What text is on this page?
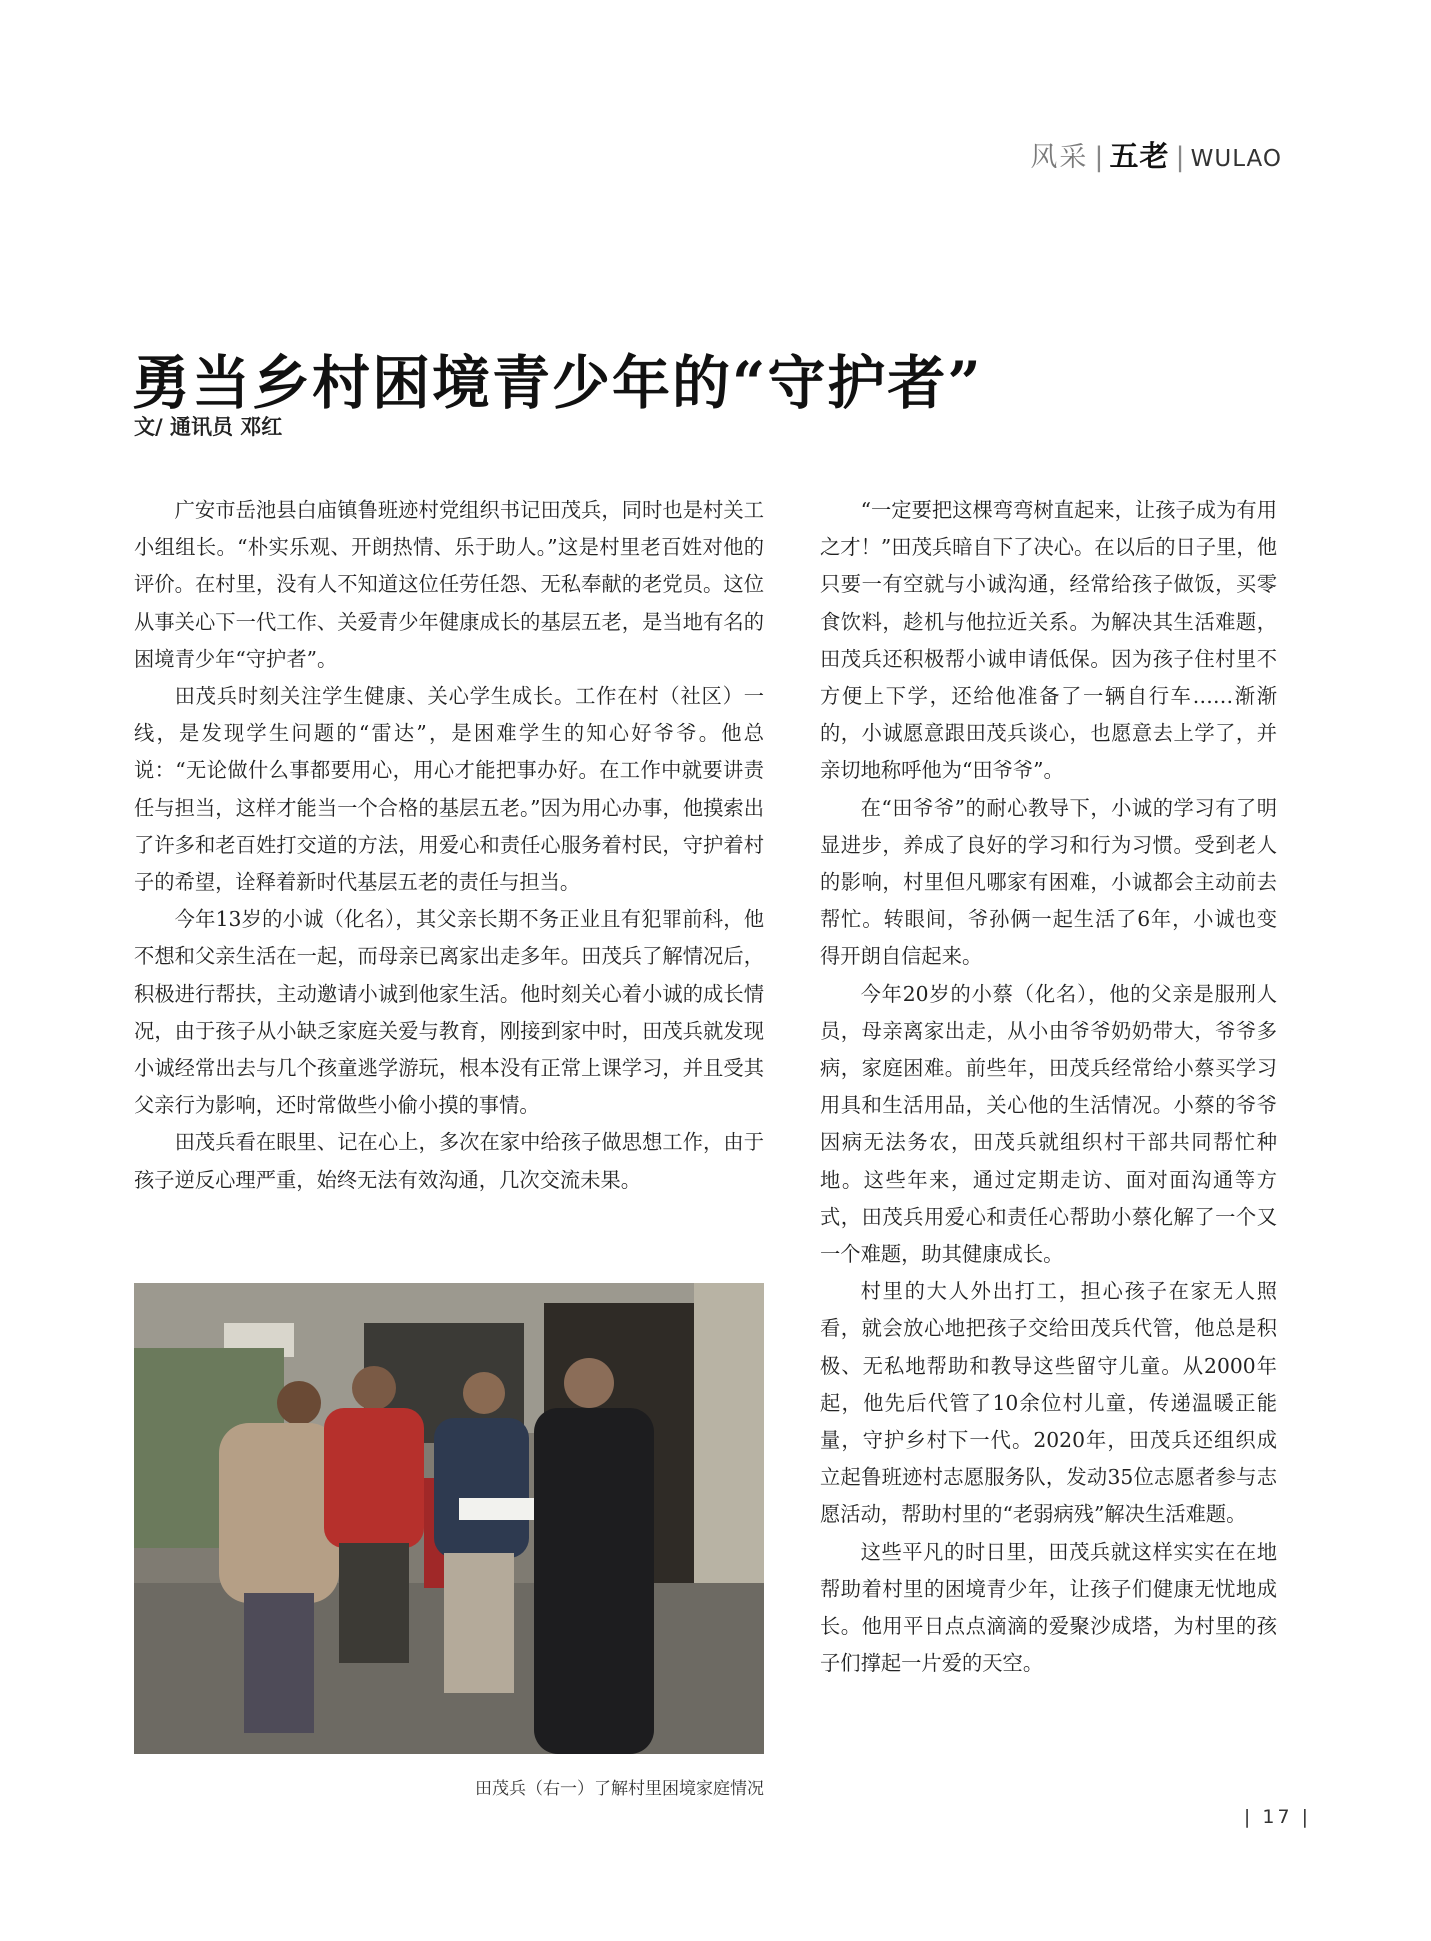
风采 | 五老 | WULAO
勇当乡村困境青少年的“守护者”
文/ 通讯员 邓红

广安市岳池县白庙镇鲁班迹村党组织书记田茂兵，同时也是村关工小组组长。“朴实乐观、开朗热情、乐于助人。”这是村里老百姓对他的评价。在村里，没有人不知道这位任劳任怨、无私奉献的老党员。这位从事关心下一代工作、关爱青少年健康成长的基层五老，是当地有名的困境青少年“守护者”。

田茂兵时刻关注学生健康、关心学生成长。工作在村（社区）一线，是发现学生问题的“雷达”，是困难学生的知心好爷爷。他总说：“无论做什么事都要用心，用心才能把事办好。在工作中就要讲责任与担当，这样才能当一个合格的基层五老。”因为用心办事，他摸索出了许多和老百姓打交道的方法，用爱心和责任心服务着村民，守护着村子的希望，诠释着新时代基层五老的责任与担当。

今年13岁的小诚（化名），其父亲长期不务正业且有犯罪前科，他不想和父亲生活在一起，而母亲已离家出走多年。田茂兵了解情况后，积极进行帮扶，主动邀请小诚到他家生活。他时刻关心着小诚的成长情况，由于孩子从小缺乏家庭关爱与教育，刚接到家中时，田茂兵就发现小诚经常出去与几个孩童逃学游玩，根本没有正常上课学习，并且受其父亲行为影响，还时常做些小偷小摸的事情。

田茂兵看在眼里、记在心上，多次在家中给孩子做思想工作，由于孩子逆反心理严重，始终无法有效沟通，几次交流未果。

田茂兵（右一）了解村里困境家庭情况

“一定要把这棵弯弯树直起来，让孩子成为有用之才！”田茂兵暗自下了决心。在以后的日子里，他只要一有空就与小诚沟通，经常给孩子做饭，买零食饮料，趁机与他拉近关系。为解决其生活难题，田茂兵还积极帮小诚申请低保。因为孩子住村里不方便上下学，还给他准备了一辆自行车……渐渐的，小诚愿意跟田茂兵谈心，也愿意去上学了，并亲切地称呼他为“田爷爷”。

在“田爷爷”的耐心教导下，小诚的学习有了明显进步，养成了良好的学习和行为习惯。受到老人的影响，村里但凡哪家有困难，小诚都会主动前去帮忙。转眼间，爷孙俩一起生活了6年，小诚也变得开朗自信起来。

今年20岁的小蔡（化名），他的父亲是服刑人员，母亲离家出走，从小由爷爷奶奶带大，爷爷多病，家庭困难。前些年，田茂兵经常给小蔡买学习用具和生活用品，关心他的生活情况。小蔡的爷爷因病无法务农，田茂兵就组织村干部共同帮忙种地。这些年来，通过定期走访、面对面沟通等方式，田茂兵用爱心和责任心帮助小蔡化解了一个又一个难题，助其健康成长。

村里的大人外出打工，担心孩子在家无人照看，就会放心地把孩子交给田茂兵代管，他总是积极、无私地帮助和教导这些留守儿童。从2000年起，他先后代管了10余位村儿童，传递温暖正能量，守护乡村下一代。2020年，田茂兵还组织成立起鲁班迹村志愿服务队，发动35位志愿者参与志愿活动，帮助村里的“老弱病残”解决生活难题。

这些平凡的时日里，田茂兵就这样实实在在地帮助着村里的困境青少年，让孩子们健康无忧地成长。他用平日点点滴滴的爱聚沙成塔，为村里的孩子们撑起一片爱的天空。

| 17 |
